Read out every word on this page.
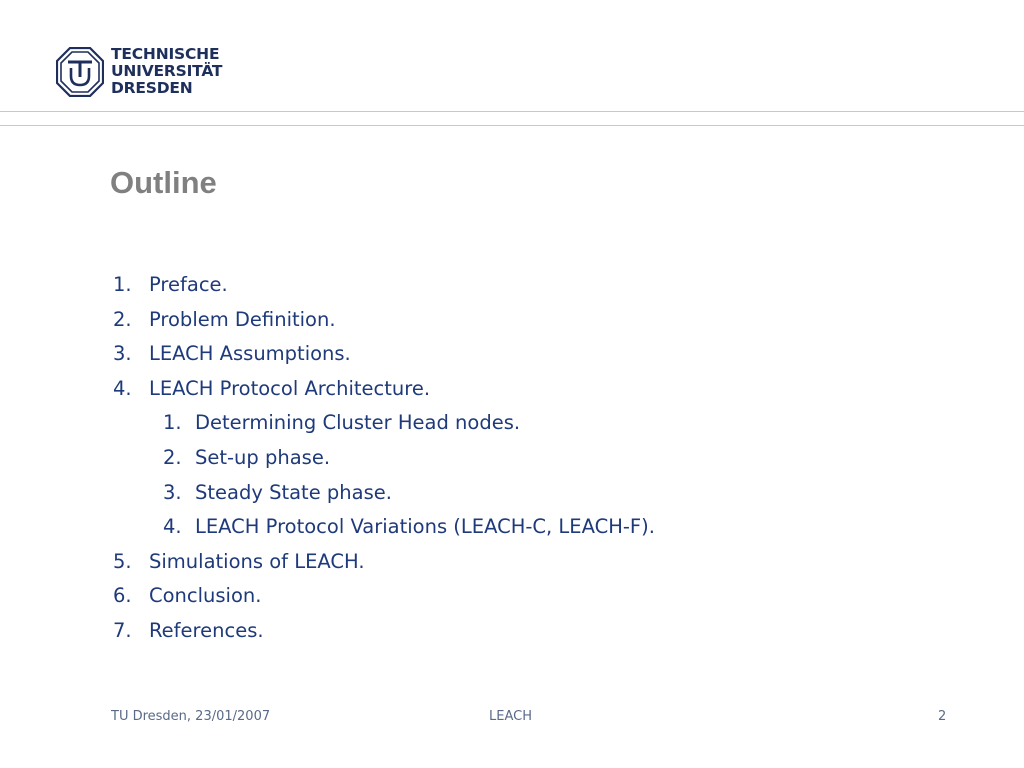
TECHNISCHE
UNIVERSITÄT
DRESDEN
Outline
1. Preface.
2. Problem Definition.
3. LEACH Assumptions.
4. LEACH Protocol Architecture.
1. Determining Cluster Head nodes.
2. Set-up phase.
3. Steady State phase.
4. LEACH Protocol Variations (LEACH-C, LEACH-F).
5. Simulations of LEACH.
6. Conclusion.
7. References.
TU Dresden, 23/01/2007	LEACH	2
